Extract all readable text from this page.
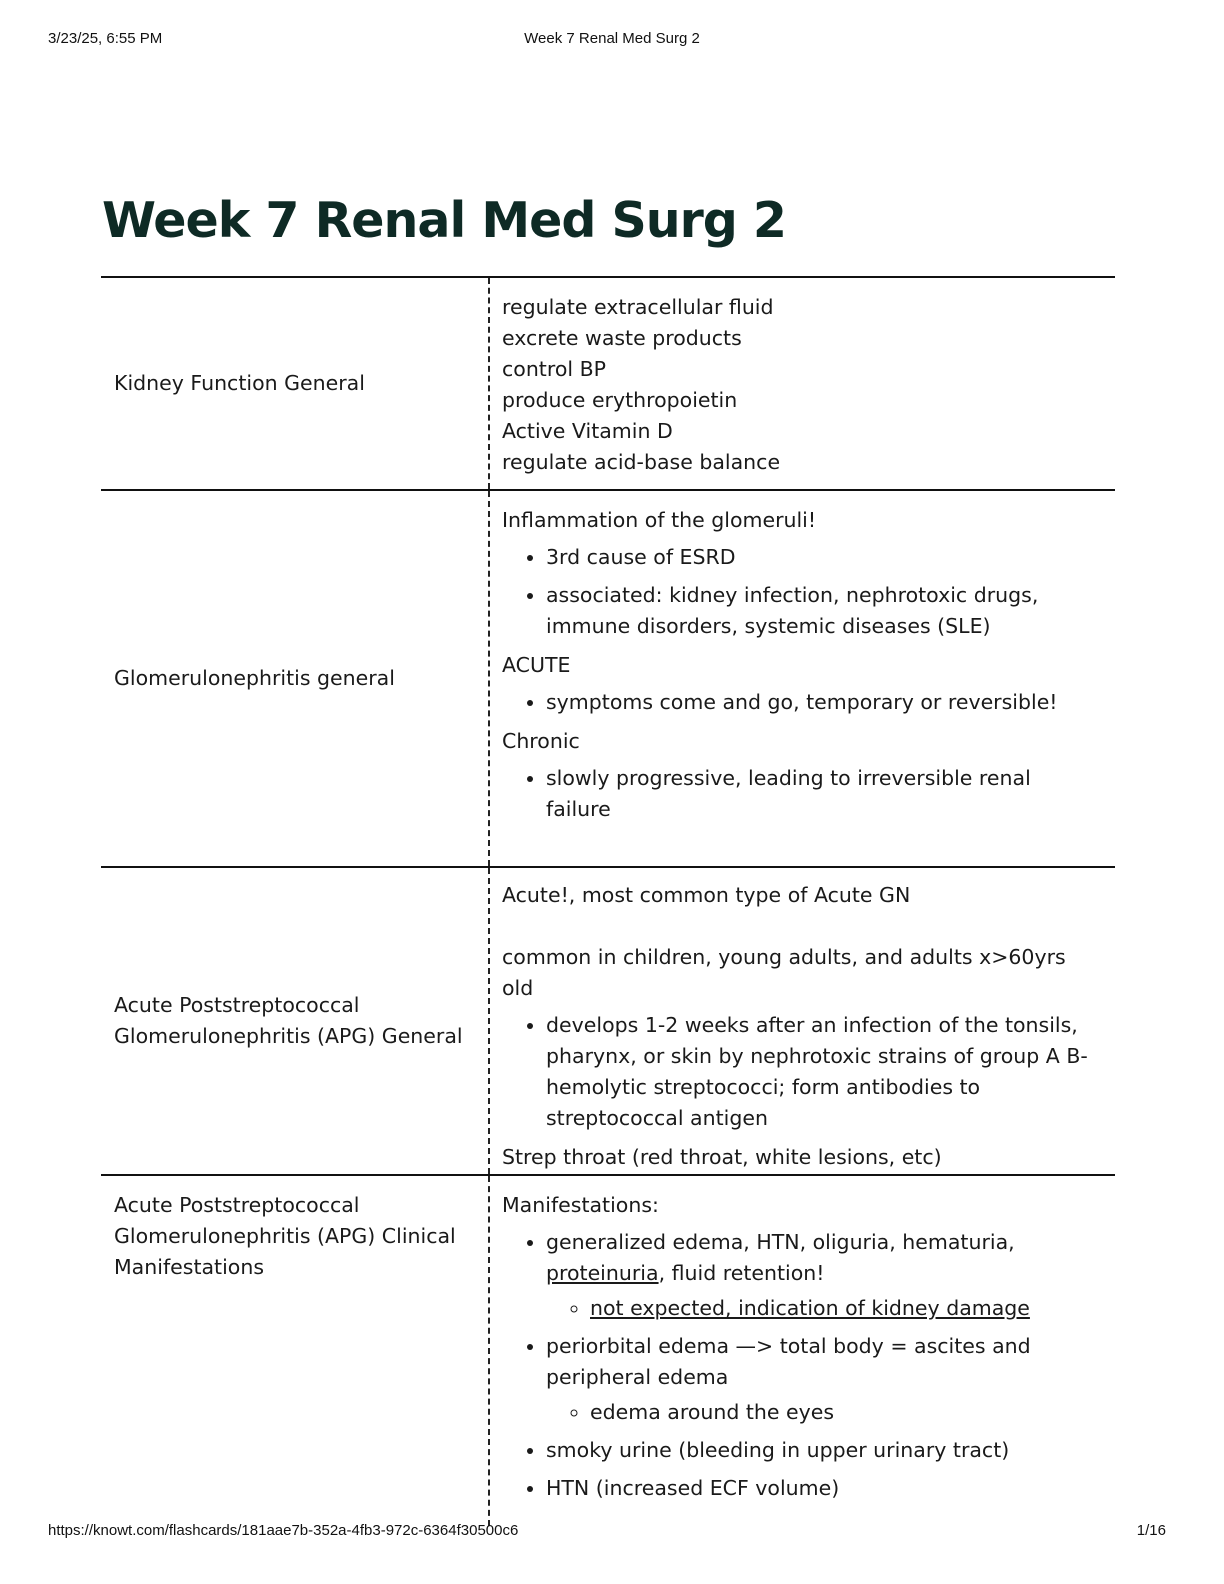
3/23/25, 6:55 PM	Week 7 Renal Med Surg 2
Week 7 Renal Med Surg 2
Kidney Function General

regulate extracellular fluid

excrete waste products

control BP

produce erythropoietin

Active Vitamin D

regulate acid-base balance

Glomerulonephritis general

Inflammation of the glomeruli!

• 3rd cause of ESRD
• associated: kidney infection, nephrotoxic drugs, immune disorders, systemic diseases (SLE)

ACUTE

• symptoms come and go, temporary or reversible!

Chronic

• slowly progressive, leading to irreversible renal failure
Acute Poststreptococcal Glomerulonephritis (APG) General

Acute!, most common type of Acute GN

common in children, young adults, and adults x>60yrs old

• develops 1-2 weeks after an infection of the tonsils, pharynx, or skin by nephrotoxic strains of group A B-hemolytic streptococci; form antibodies to streptococcal antigen

Strep throat (red throat, white lesions, etc)

Acute Poststreptococcal Glomerulonephritis (APG) Clinical Manifestations

Manifestations:

• generalized edema, HTN, oliguria, hematuria, proteinuria, fluid retention!
◦ not expected, indication of kidney damage
• periorbital edema —> total body = ascites and peripheral edema
◦ edema around the eyes
• smoky urine (bleeding in upper urinary tract)
• HTN (increased ECF volume)
https://knowt.com/flashcards/181aae7b-352a-4fb3-972c-6364f30500c6	1/16
